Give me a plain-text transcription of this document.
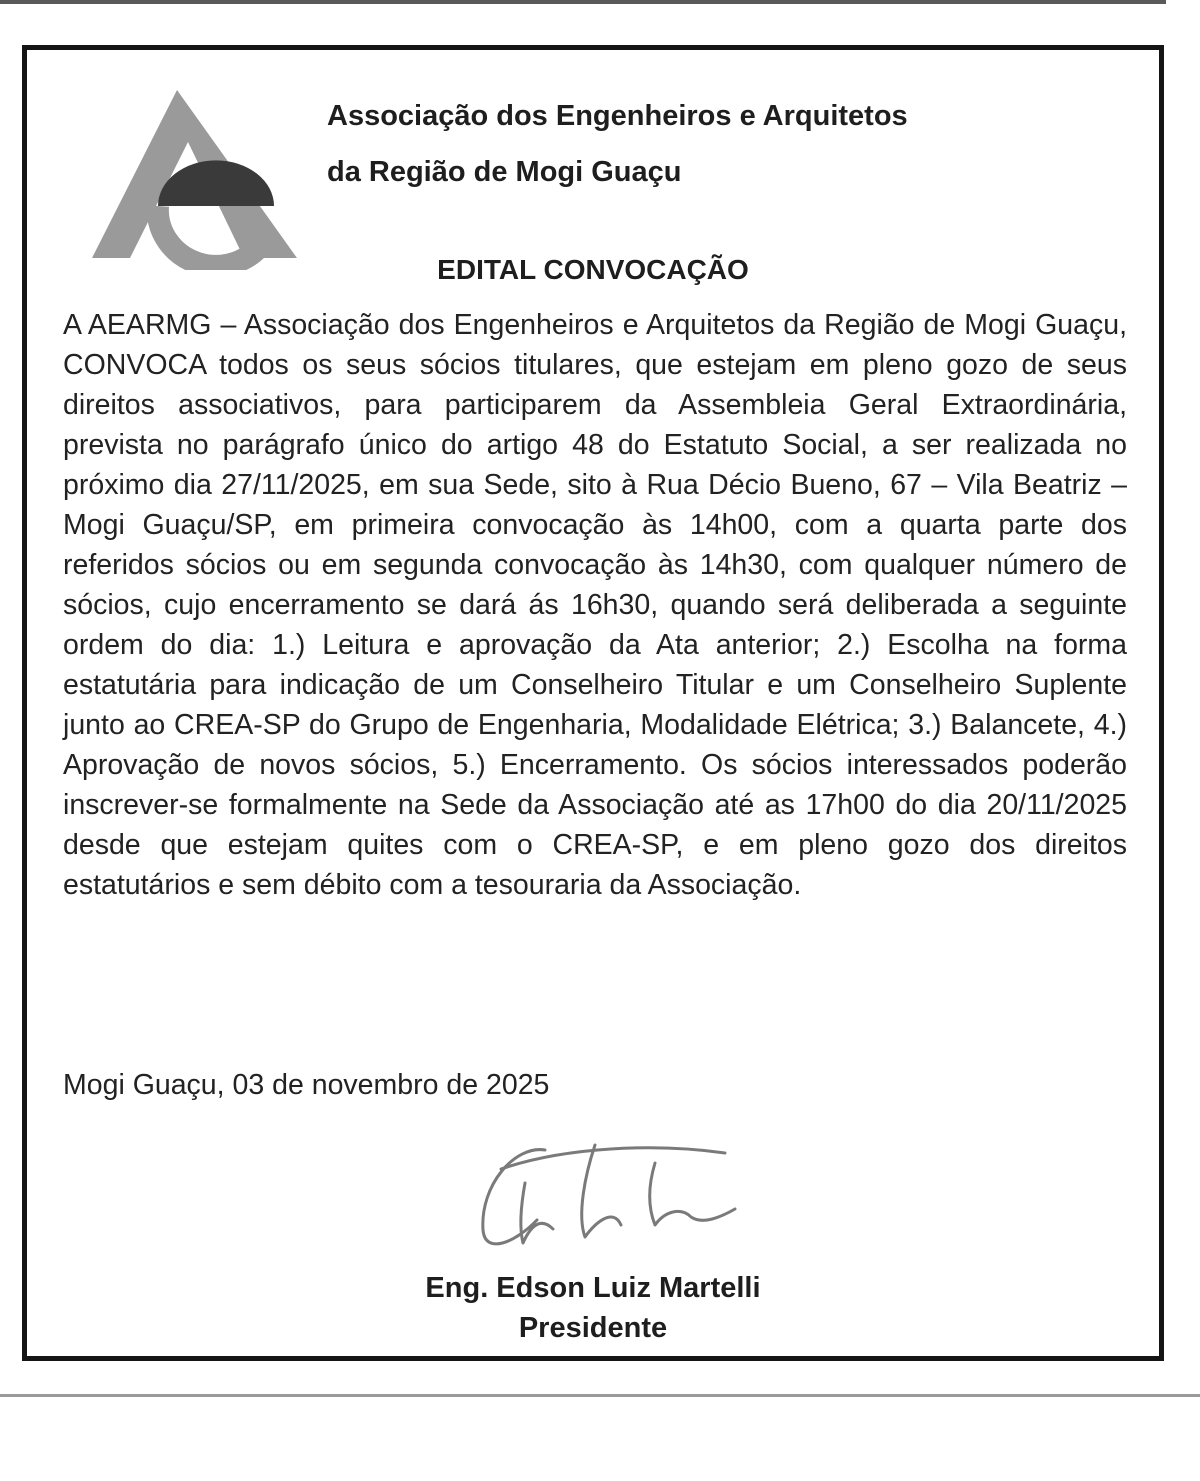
Associação dos Engenheiros e Arquitetos
da Região de Mogi Guaçu
EDITAL CONVOCAÇÃO

A AEARMG – Associação dos Engenheiros e Arquitetos da Região de Mogi Guaçu, CONVOCA todos os seus sócios titulares, que estejam em pleno gozo de seus direitos associativos, para participarem da Assembleia Geral Extraordinária, prevista no parágrafo único do artigo 48 do Estatuto Social, a ser realizada no próximo dia 27/11/2025, em sua Sede, sito à Rua Décio Bueno, 67 – Vila Beatriz – Mogi Guaçu/SP, em primeira convocação às 14h00, com a quarta parte dos referidos sócios ou em segunda convocação às 14h30, com qualquer número de sócios, cujo encerramento se dará ás 16h30, quando será deliberada a seguinte ordem do dia: 1.) Leitura e aprovação da Ata anterior; 2.) Escolha na forma estatutária para indicação de um Conselheiro Titular e um Conselheiro Suplente junto ao CREA-SP do Grupo de Engenharia, Modalidade Elétrica; 3.) Balancete, 4.) Aprovação de novos sócios, 5.) Encerramento. Os sócios interessados poderão inscrever-se formalmente na Sede da Associação até as 17h00 do dia 20/11/2025 desde que estejam quites com o CREA-SP, e em pleno gozo dos direitos estatutários e sem débito com a tesouraria da Associação.

Mogi Guaçu, 03 de novembro de 2025
Eng. Edson Luiz Martelli
Presidente
